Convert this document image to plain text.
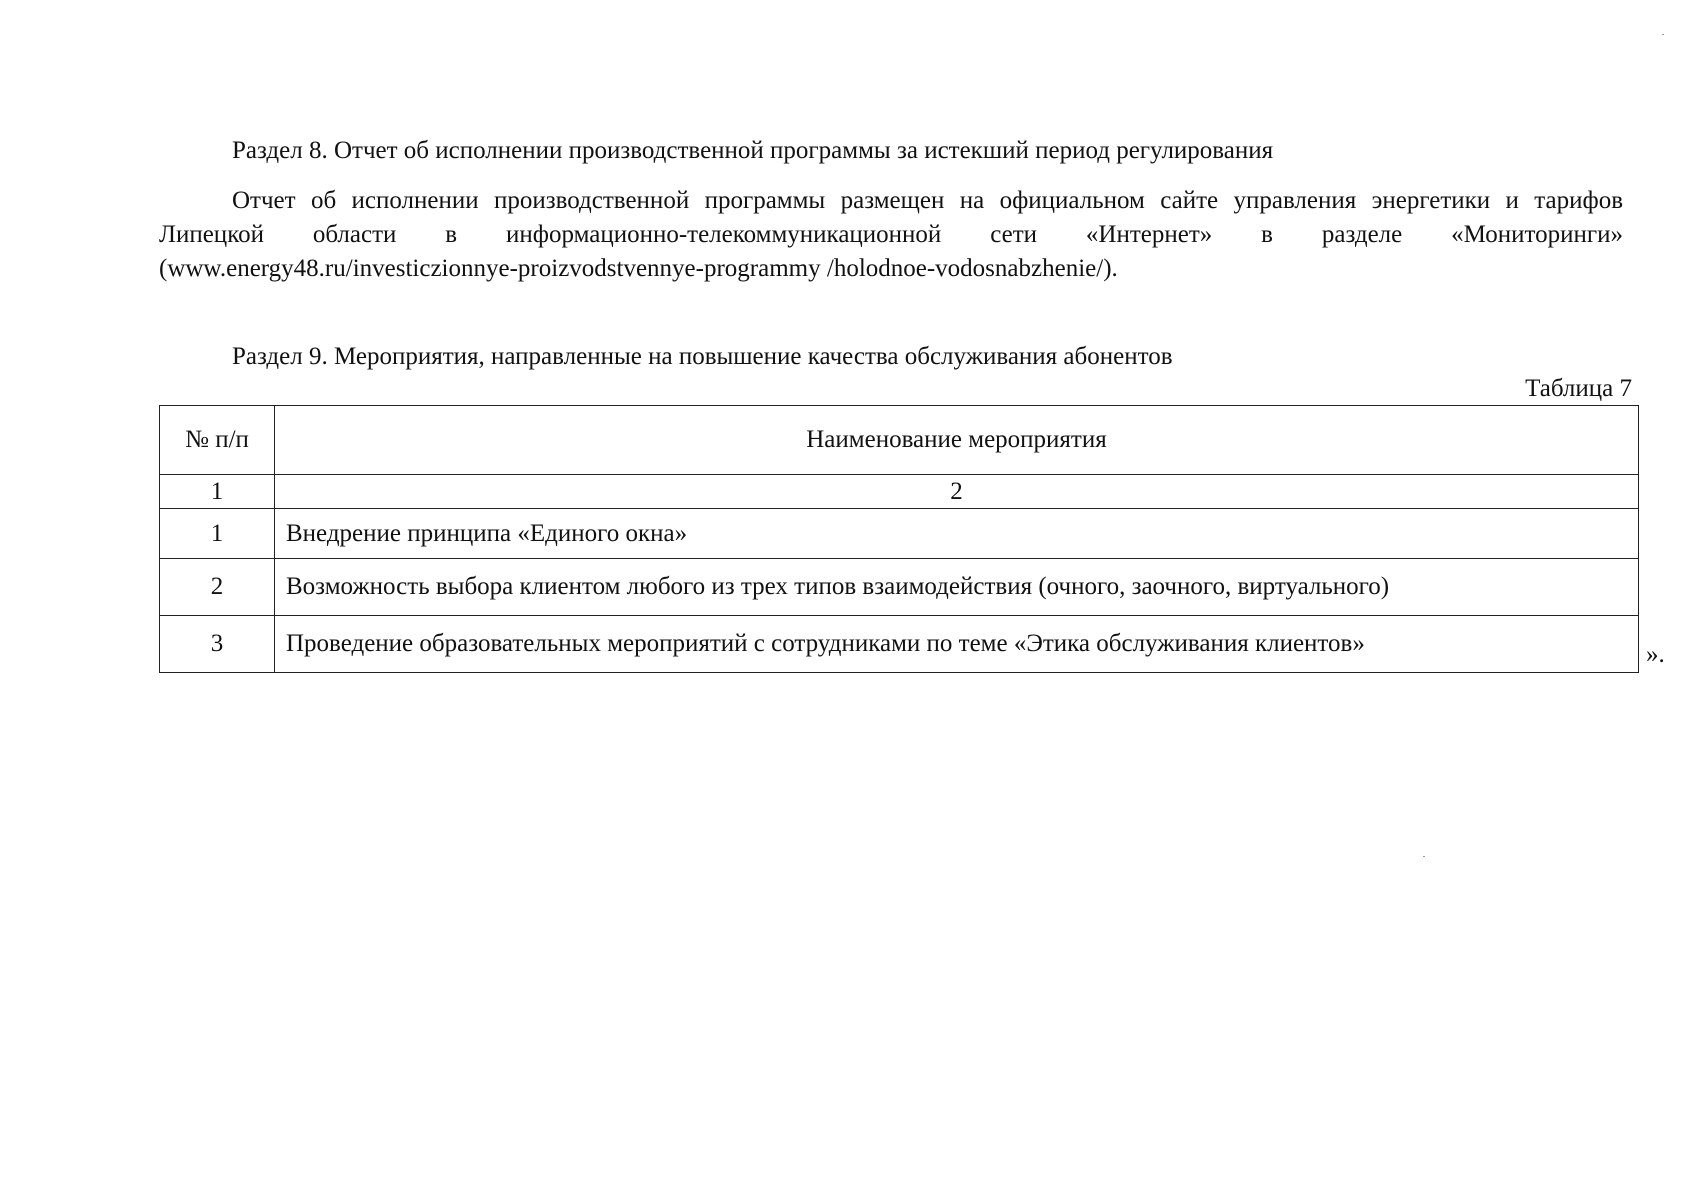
Раздел 8. Отчет об исполнении производственной программы за истекший период регулирования
Отчет об исполнении производственной программы размещен на официальном сайте управления энергетики и тарифов Липецкой области в информационно-телекоммуникационной сети «Интернет» в разделе «Мониторинги» (www.energy48.ru/investiczionnye-proizvodstvennye-programmy /holodnoe-vodosnabzhenie/).
Раздел 9. Мероприятия, направленные на повышение качества обслуживания абонентов
Таблица 7
№ п/п	Наименование мероприятия
1	2
1	Внедрение принципа «Единого окна»
2	Возможность выбора клиентом любого из трех типов взаимодействия (очного, заочного, виртуального)
3	Проведение образовательных мероприятий с сотрудниками по теме «Этика обслуживания клиентов»	».
